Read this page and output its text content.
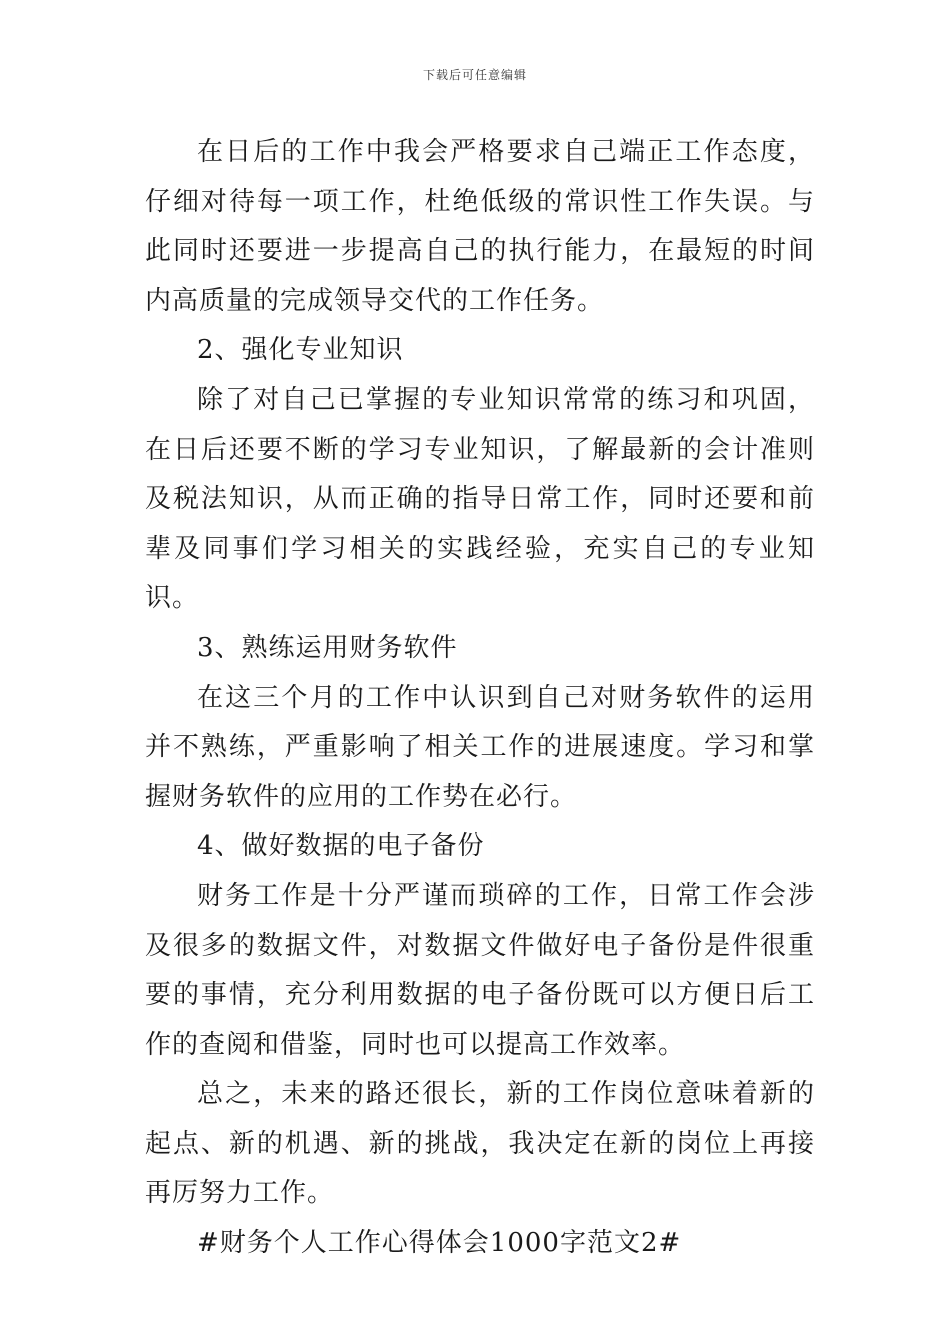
下载后可任意编辑

在日后的工作中我会严格要求自己端正工作态度，仔细对待每一项工作，杜绝低级的常识性工作失误。与此同时还要进一步提高自己的执行能力，在最短的时间内高质量的完成领导交代的工作任务。

2、强化专业知识

除了对自己已掌握的专业知识常常的练习和巩固，在日后还要不断的学习专业知识，了解最新的会计准则及税法知识，从而正确的指导日常工作，同时还要和前辈及同事们学习相关的实践经验，充实自己的专业知识。

3、熟练运用财务软件

在这三个月的工作中认识到自己对财务软件的运用并不熟练，严重影响了相关工作的进展速度。学习和掌握财务软件的应用的工作势在必行。

4、做好数据的电子备份

财务工作是十分严谨而琐碎的工作，日常工作会涉及很多的数据文件，对数据文件做好电子备份是件很重要的事情，充分利用数据的电子备份既可以方便日后工作的查阅和借鉴，同时也可以提高工作效率。

总之，未来的路还很长，新的工作岗位意味着新的起点、新的机遇、新的挑战，我决定在新的岗位上再接再厉努力工作。

#财务个人工作心得体会1000字范文2#
